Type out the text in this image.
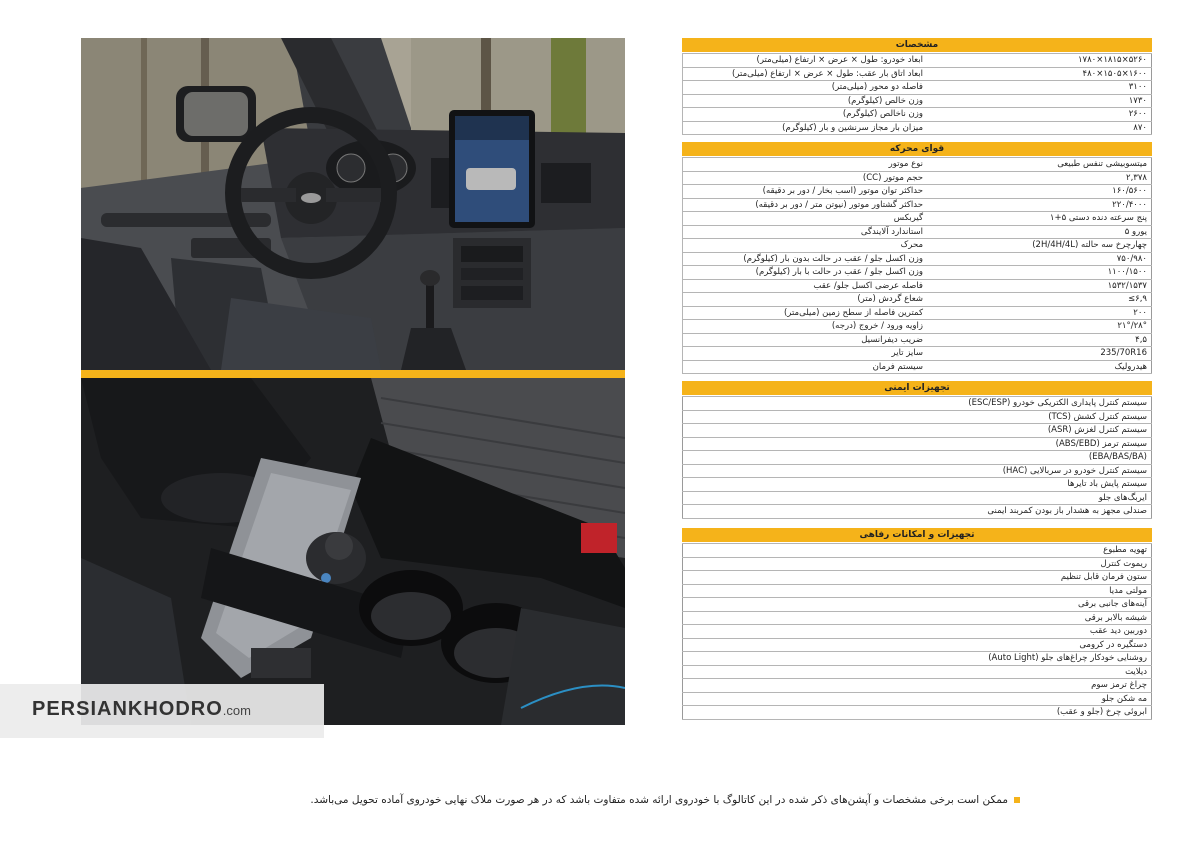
PERSIANKHODRO.com
مشخصات
ابعاد خودرو: طول × عرض × ارتفاع (میلی‌متر)	۵۲۶۰×۱۸۱۵×۱۷۸۰
ابعاد اتاق بار عقب: طول × عرض × ارتفاع (میلی‌متر)	۱۶۰۰×۱۵۰۵×۴۸۰
فاصله دو محور (میلی‌متر)	۳۱۰۰
وزن خالص (کیلوگرم)	۱۷۳۰
وزن ناخالص (کیلوگرم)	۲۶۰۰
میزان بار مجاز سرنشین و بار (کیلوگرم)	۸۷۰
قوای محرکه
نوع موتور	میتسوبیشی تنفس طبیعی
حجم موتور (CC)	۲,۳۷۸
حداکثر توان موتور (اسب بخار / دور بر دقیقه)	۱۶۰/۵۶۰۰
حداکثر گشتاور موتور (نیوتن متر / دور بر دقیقه)	۲۲۰/۴۰۰۰
گیربکس	پنج سرعته دنده دستی ۵+۱
استاندارد آلایندگی	یورو ۵
محرک	چهارچرخ سه حالته (2H/4H/4L)
وزن اکسل جلو / عقب در حالت بدون بار (کیلوگرم)	۷۵۰/۹۸۰
وزن اکسل جلو / عقب در حالت با بار (کیلوگرم)	۱۱۰۰/۱۵۰۰
فاصله عرضی اکسل جلو/ عقب	۱۵۳۲/۱۵۳۷
شعاع گردش (متر)	۶,۹≥
کمترین فاصله از سطح زمین (میلی‌متر)	۲۰۰
زاویه ورود / خروج (درجه)	۲۸°/۲۱°
ضریب دیفرانسیل	۴,۵
سایز تایر	235/70R16
سیستم فرمان	هیدرولیک
تجهیزات ایمنی
سیستم کنترل پایداری الکتریکی خودرو (ESC/ESP)
سیستم کنترل کشش (TCS)
سیستم کنترل لغزش (ASR)
سیستم ترمز (ABS/EBD)
(EBA/BAS/BA)
سیستم کنترل خودرو در سربالایی (HAC)
سیستم پایش باد تایرها
ایربگ‌های جلو
صندلی مجهز به هشدار باز بودن کمربند ایمنی
تجهیزات و امکانات رفاهی
تهویه مطبوع
ریموت کنترل
ستون فرمان قابل تنظیم
مولتی مدیا
آینه‌های جانبی برقی
شیشه بالابر برقی
دوربین دید عقب
دستگیره در کرومی
روشنایی خودکار چراغ‌های جلو (Auto Light)
دیلایت
چراغ ترمز سوم
مه شکن جلو
ابروئی چرخ (جلو و عقب)
ممکن است برخی مشخصات و آپشن‌های ذکر شده در این کاتالوگ با خودروی ارائه شده متفاوت باشد که در هر صورت ملاک نهایی خودروی آماده تحویل می‌باشد.
